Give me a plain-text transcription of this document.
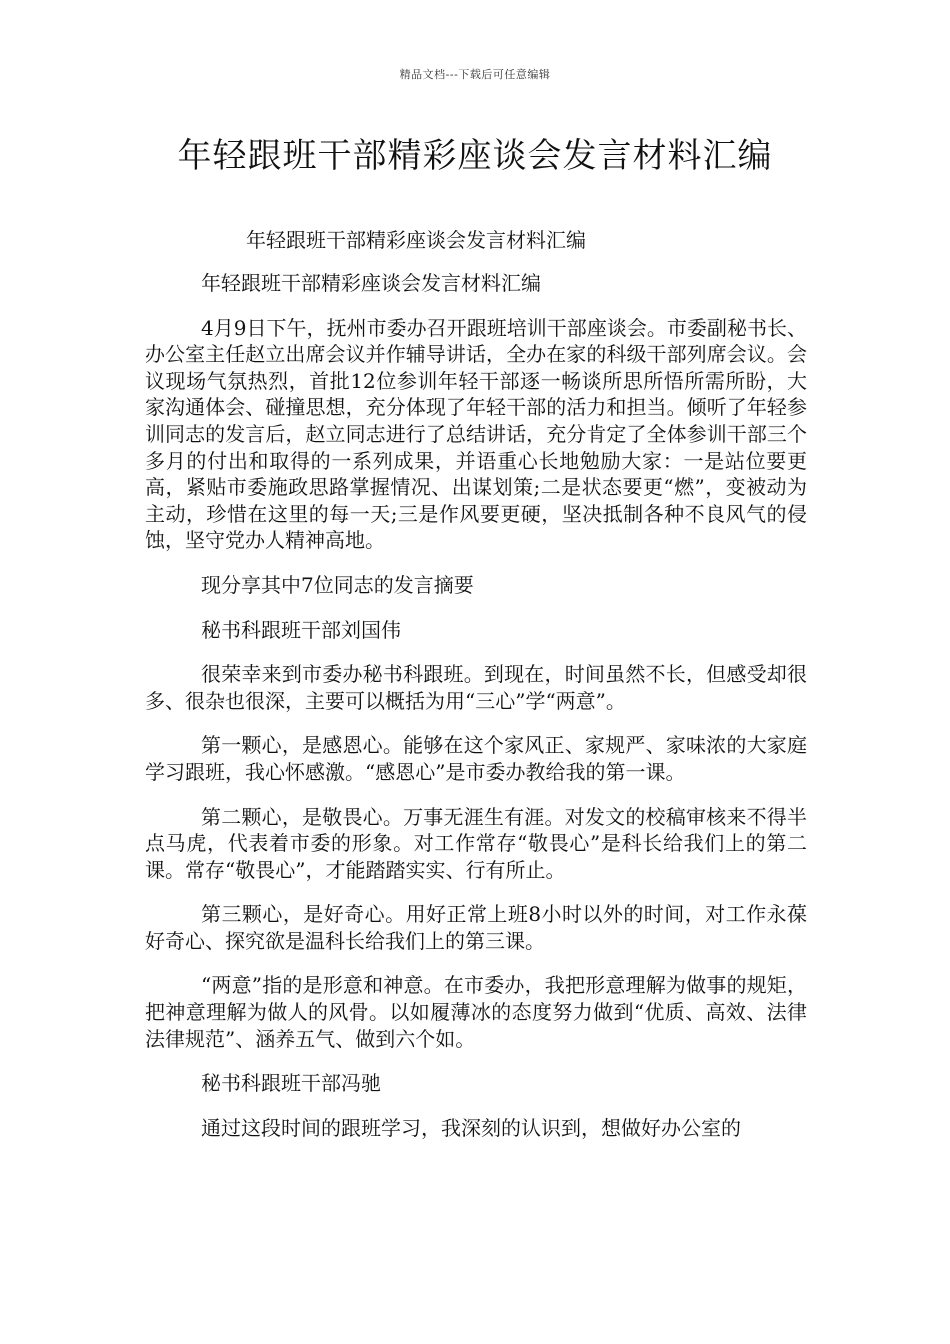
精品文档---下载后可任意编辑
年轻跟班干部精彩座谈会发言材料汇编

年轻跟班干部精彩座谈会发言材料汇编

年轻跟班干部精彩座谈会发言材料汇编

4月9日下午，抚州市委办召开跟班培训干部座谈会。市委副秘书长、办公室主任赵立出席会议并作辅导讲话，全办在家的科级干部列席会议。会议现场气氛热烈，首批12位参训年轻干部逐一畅谈所思所悟所需所盼，大家沟通体会、碰撞思想，充分体现了年轻干部的活力和担当。倾听了年轻参训同志的发言后，赵立同志进行了总结讲话，充分肯定了全体参训干部三个多月的付出和取得的一系列成果，并语重心长地勉励大家：一是站位要更高，紧贴市委施政思路掌握情况、出谋划策;二是状态要更“燃”，变被动为主动，珍惜在这里的每一天;三是作风要更硬，坚决抵制各种不良风气的侵蚀，坚守党办人精神高地。

现分享其中7位同志的发言摘要

秘书科跟班干部刘国伟

很荣幸来到市委办秘书科跟班。到现在，时间虽然不长，但感受却很多、很杂也很深，主要可以概括为用“三心”学“两意”。

第一颗心，是感恩心。能够在这个家风正、家规严、家味浓的大家庭学习跟班，我心怀感激。“感恩心”是市委办教给我的第一课。

第二颗心，是敬畏心。万事无涯生有涯。对发文的校稿审核来不得半点马虎，代表着市委的形象。对工作常存“敬畏心”是科长给我们上的第二课。常存“敬畏心”，才能踏踏实实、行有所止。

第三颗心，是好奇心。用好正常上班8小时以外的时间，对工作永葆好奇心、探究欲是温科长给我们上的第三课。

“两意”指的是形意和神意。在市委办，我把形意理解为做事的规矩，把神意理解为做人的风骨。以如履薄冰的态度努力做到“优质、高效、法律法律规范”、涵养五气、做到六个如。

秘书科跟班干部冯驰

通过这段时间的跟班学习，我深刻的认识到，想做好办公室的
